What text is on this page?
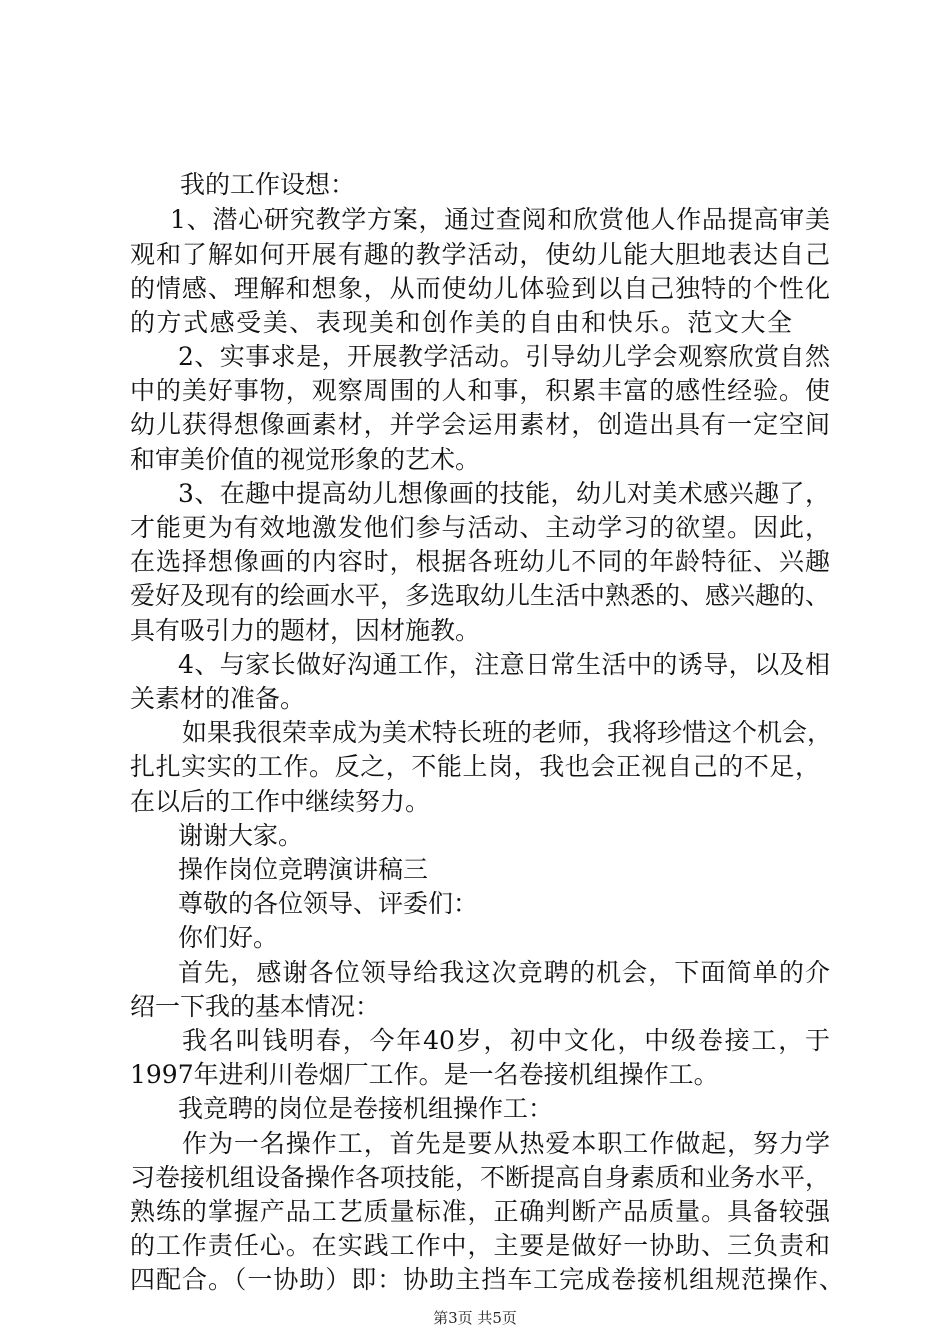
我的工作设想：
1、潜心研究教学方案，通过查阅和欣赏他人作品提高审美
观和了解如何开展有趣的教学活动，使幼儿能大胆地表达自己
的情感、理解和想象，从而使幼儿体验到以自己独特的个性化
的方式感受美、表现美和创作美的自由和快乐。范文大全
2、实事求是，开展教学活动。引导幼儿学会观察欣赏自然
中的美好事物，观察周围的人和事，积累丰富的感性经验。使
幼儿获得想像画素材，并学会运用素材，创造出具有一定空间
和审美价值的视觉形象的艺术。
3、在趣中提高幼儿想像画的技能，幼儿对美术感兴趣了，
才能更为有效地激发他们参与活动、主动学习的欲望。因此，
在选择想像画的内容时，根据各班幼儿不同的年龄特征、兴趣
爱好及现有的绘画水平，多选取幼儿生活中熟悉的、感兴趣的、
具有吸引力的题材，因材施教。
4、与家长做好沟通工作，注意日常生活中的诱导，以及相
关素材的准备。
如果我很荣幸成为美术特长班的老师，我将珍惜这个机会，
扎扎实实的工作。反之，不能上岗，我也会正视自己的不足，
在以后的工作中继续努力。
谢谢大家。
操作岗位竞聘演讲稿三
尊敬的各位领导、评委们：
你们好。
首先，感谢各位领导给我这次竞聘的机会，下面简单的介
绍一下我的基本情况：
我名叫钱明春，今年40岁，初中文化，中级卷接工，于
1997年进利川卷烟厂工作。是一名卷接机组操作工。
我竞聘的岗位是卷接机组操作工：
作为一名操作工，首先是要从热爱本职工作做起，努力学
习卷接机组设备操作各项技能，不断提高自身素质和业务水平，
熟练的掌握产品工艺质量标准，正确判断产品质量。具备较强
的工作责任心。在实践工作中，主要是做好一协助、三负责和
四配合。（一协助）即：协助主挡车工完成卷接机组规范操作、
第3页 共5页
